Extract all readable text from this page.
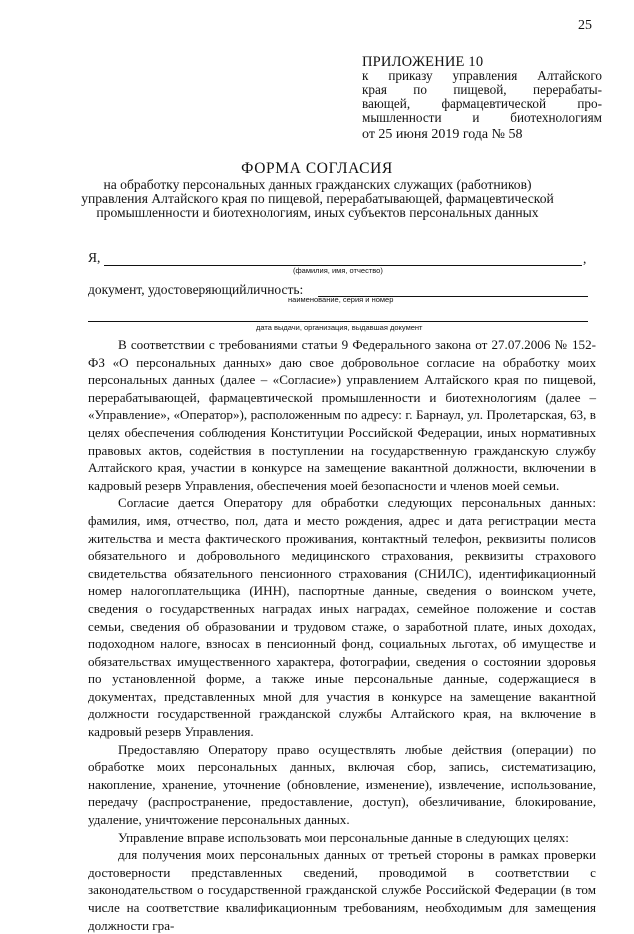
25
ПРИЛОЖЕНИЕ 10
к приказу управления Алтайского
края по пищевой, перерабаты-
вающей, фармацевтической про-
мышленности и биотехнологиям
от 25 июня 2019 года № 58
ФОРМА СОГЛАСИЯ
на обработку персональных данных гражданских служащих (работников) управления Алтайского края по пищевой, перерабатывающей, фармацевтической промышленности и биотехнологиям, иных субъектов персональных данных
Я,	,
(фамилия, имя, отчество)
документ, удостоверяющийличность:
наименование, серия и номер
дата выдачи, организация, выдавшая документ

В соответствии с требованиями статьи 9 Федерального закона от 27.07.2006 № 152-ФЗ «О персональных данных» даю свое добровольное согласие на обработку моих персональных данных (далее – «Согласие») управлением Алтайского края по пищевой, перерабатывающей, фармацевтической промышленности и биотехнологиям (далее – «Управление», «Оператор»), расположенным по адресу: г. Барнаул, ул. Пролетарская, 63, в целях обеспечения соблюдения Конституции Российской Федерации, иных нормативных правовых актов, содействия в поступлении на государственную гражданскую службу Алтайского края, участии в конкурсе на замещение вакантной должности, включении в кадровый резерв Управления, обеспечения моей безопасности и членов моей семьи.

Согласие дается Оператору для обработки следующих персональных данных: фамилия, имя, отчество, пол, дата и место рождения, адрес и дата регистрации места жительства и места фактического проживания, контактный телефон, реквизиты полисов обязательного и добровольного медицинского страхования, реквизиты страхового свидетельства обязательного пенсионного страхования (СНИЛС), идентификационный номер налогоплательщика (ИНН), паспортные данные, сведения о воинском учете, сведения о государственных наградах иных наградах, семейное положение и состав семьи, сведения об образовании и трудовом стаже, о заработной плате, иных доходах, подоходном налоге, взносах в пенсионный фонд, социальных льготах, об имуществе и обязательствах имущественного характера, фотографии, сведения о состоянии здоровья по установленной форме, а также иные персональные данные, содержащиеся в документах, представленных мной для участия в конкурсе на замещение вакантной должности государственной гражданской службы Алтайского края, на включение в кадровый резерв Управления.

Предоставляю Оператору право осуществлять любые действия (операции) по обработке моих персональных данных, включая сбор, запись, систематизацию, накопление, хранение, уточнение (обновление, изменение), извлечение, использование, передачу (распространение, предоставление, доступ), обезличивание, блокирование, удаление, уничтожение персональных данных.

Управление вправе использовать мои персональные данные в следующих целях:

для получения моих персональных данных от третьей стороны в рамках проверки достоверности представленных сведений, проводимой в соответствии с законодательством о государственной гражданской службе Российской Федерации (в том числе на соответствие квалификационным требованиям, необходимым для замещения должности гра-
